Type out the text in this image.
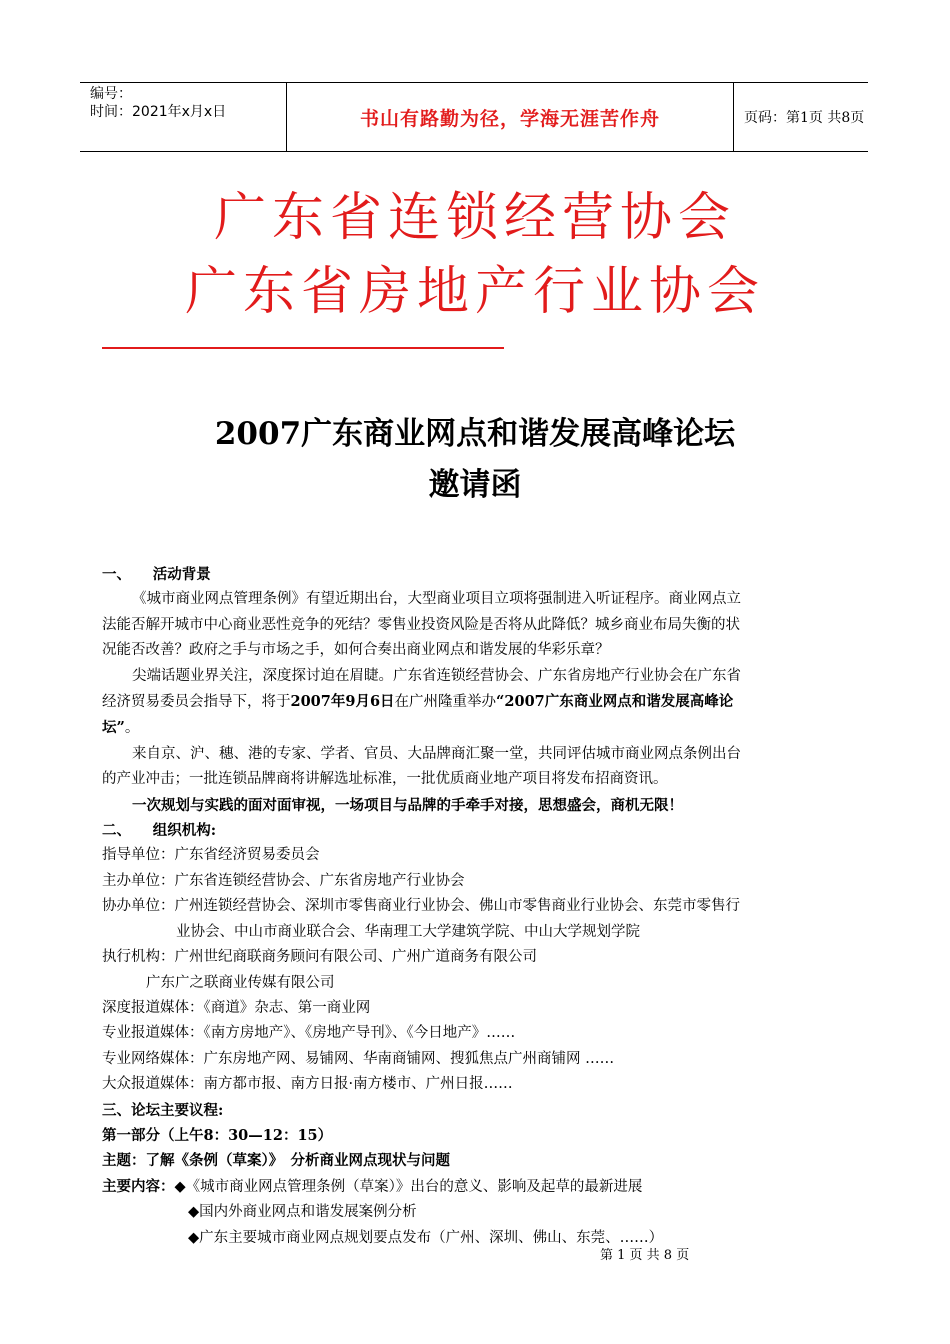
编号：
时间：2021年x月x日	书山有路勤为径，学海无涯苦作舟	页码：第1页 共8页
广东省连锁经营协会
广东省房地产行业协会
2007广东商业网点和谐发展高峰论坛
邀请函

一、　　活动背景

《城市商业网点管理条例》有望近期出台，大型商业项目立项将强制进入听证程序。商业网点立

法能否解开城市中心商业恶性竞争的死结？零售业投资风险是否将从此降低？城乡商业布局失衡的状

况能否改善？政府之手与市场之手，如何合奏出商业网点和谐发展的华彩乐章？

尖端话题业界关注，深度探讨迫在眉睫。广东省连锁经营协会、广东省房地产行业协会在广东省

经济贸易委员会指导下，将于2007年9月6日在广州隆重举办“2007广东商业网点和谐发展高峰论

坛”。

来自京、沪、穗、港的专家、学者、官员、大品牌商汇聚一堂，共同评估城市商业网点条例出台

的产业冲击；一批连锁品牌商将讲解选址标准，一批优质商业地产项目将发布招商资讯。

一次规划与实践的面对面审视，一场项目与品牌的手牵手对接，思想盛会，商机无限！

二、　　组织机构:

指导单位：广东省经济贸易委员会

主办单位：广东省连锁经营协会、广东省房地产行业协会

协办单位：广州连锁经营协会、深圳市零售商业行业协会、佛山市零售商业行业协会、东莞市零售行

业协会、中山市商业联合会、华南理工大学建筑学院、中山大学规划学院

执行机构：广州世纪商联商务顾问有限公司、广州广道商务有限公司

广东广之联商业传媒有限公司

深度报道媒体：《商道》杂志、第一商业网

专业报道媒体：《南方房地产》、《房地产导刊》、《今日地产》……

专业网络媒体：广东房地产网、易铺网、华南商铺网、搜狐焦点广州商铺网 ……

大众报道媒体：南方都市报、南方日报·南方楼市、广州日报……

三、论坛主要议程:

第一部分（上午8：30—12：15）

主题：了解《条例（草案）》　分析商业网点现状与问题

主要内容：◆《城市商业网点管理条例（草案）》出台的意义、影响及起草的最新进展

◆国内外商业网点和谐发展案例分析

◆广东主要城市商业网点规划要点发布（广州、深圳、佛山、东莞、……）

第 1 页 共 8 页
